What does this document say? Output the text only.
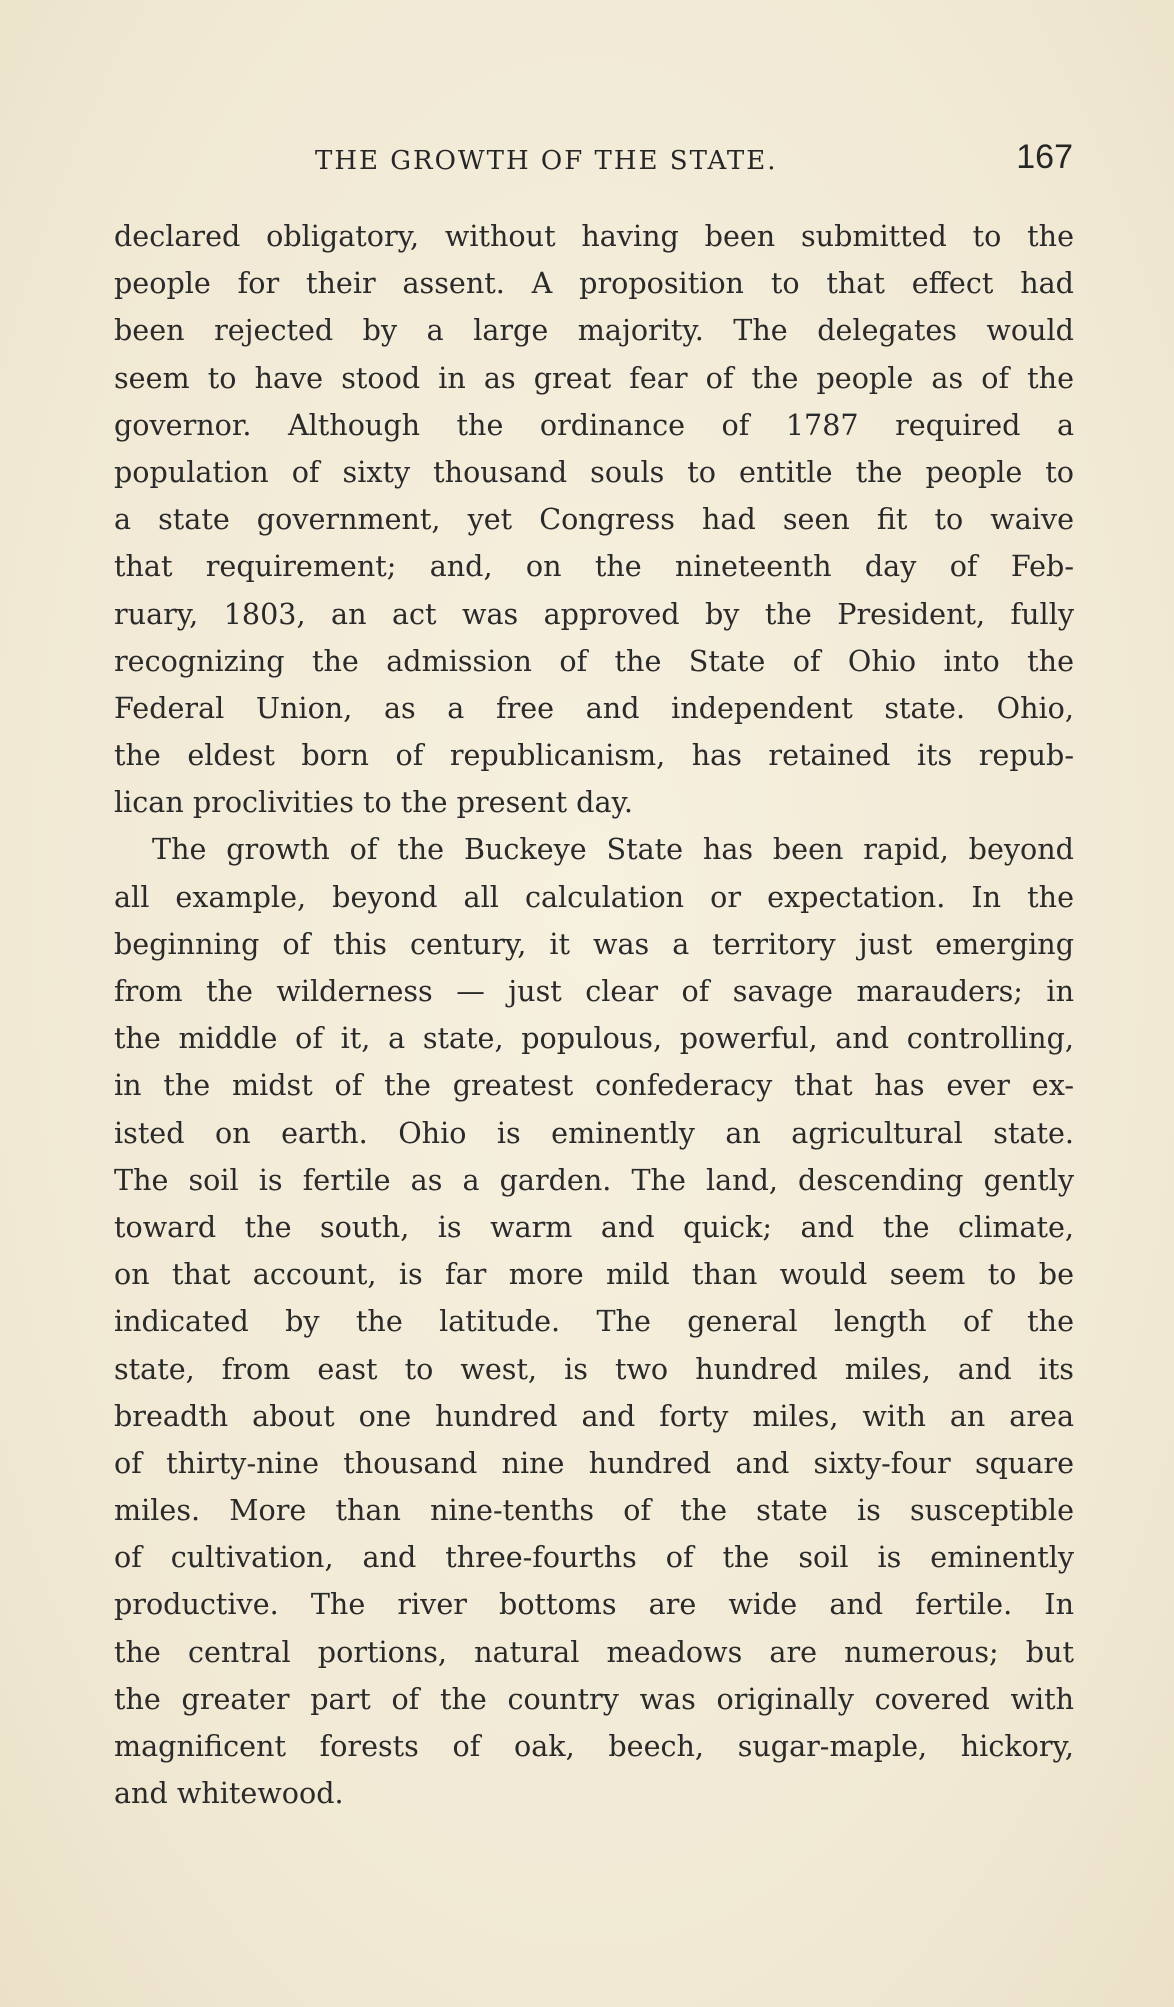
THE GROWTH OF THE STATE.	167
declared obligatory, without having been submitted to the
people for their assent. A proposition to that effect had
been rejected by a large majority. The delegates would
seem to have stood in as great fear of the people as of the
governor. Although the ordinance of 1787 required a
population of sixty thousand souls to entitle the people to
a state government, yet Congress had seen fit to waive
that requirement; and, on the nineteenth day of Feb-
ruary, 1803, an act was approved by the President, fully
recognizing the admission of the State of Ohio into the
Federal Union, as a free and independent state. Ohio,
the eldest born of republicanism, has retained its repub-
lican proclivities to the present day.
The growth of the Buckeye State has been rapid, beyond
all example, beyond all calculation or expectation. In the
beginning of this century, it was a territory just emerging
from the wilderness — just clear of savage marauders; in
the middle of it, a state, populous, powerful, and controlling,
in the midst of the greatest confederacy that has ever ex-
isted on earth. Ohio is eminently an agricultural state.
The soil is fertile as a garden. The land, descending gently
toward the south, is warm and quick; and the climate,
on that account, is far more mild than would seem to be
indicated by the latitude. The general length of the
state, from east to west, is two hundred miles, and its
breadth about one hundred and forty miles, with an area
of thirty-nine thousand nine hundred and sixty-four square
miles. More than nine-tenths of the state is susceptible
of cultivation, and three-fourths of the soil is eminently
productive. The river bottoms are wide and fertile. In
the central portions, natural meadows are numerous; but
the greater part of the country was originally covered with
magnificent forests of oak, beech, sugar-maple, hickory,
and whitewood.
